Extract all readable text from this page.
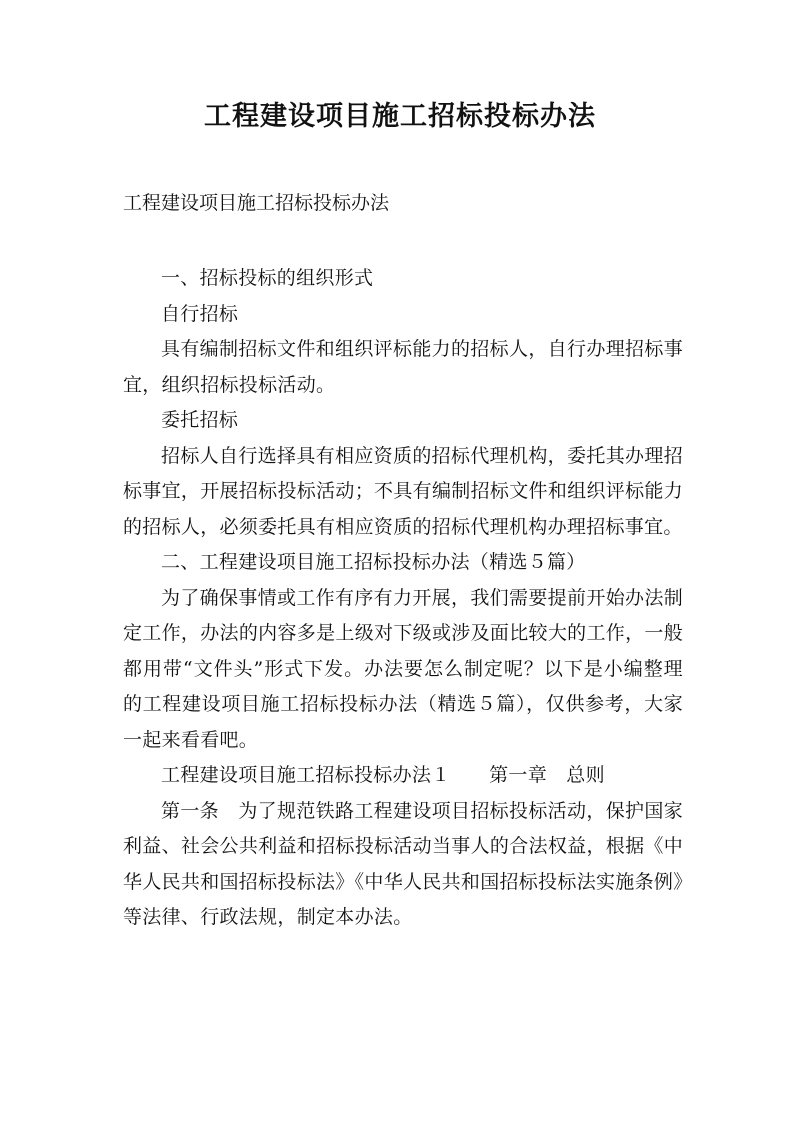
工程建设项目施工招标投标办法

工程建设项目施工招标投标办法

一、招标投标的组织形式

自行招标

具有编制招标文件和组织评标能力的招标人，自行办理招标事宜，组织招标投标活动。

委托招标

招标人自行选择具有相应资质的招标代理机构，委托其办理招标事宜，开展招标投标活动；不具有编制招标文件和组织评标能力的招标人，必须委托具有相应资质的招标代理机构办理招标事宜。

二、工程建设项目施工招标投标办法（精选５篇）

为了确保事情或工作有序有力开展，我们需要提前开始办法制定工作，办法的内容多是上级对下级或涉及面比较大的工作，一般都用带“文件头”形式下发。办法要怎么制定呢？以下是小编整理的工程建设项目施工招标投标办法（精选５篇），仅供参考，大家一起来看看吧。

工程建设项目施工招标投标办法１　　第一章　总则

第一条　为了规范铁路工程建设项目招标投标活动，保护国家利益、社会公共利益和招标投标活动当事人的合法权益，根据《中华人民共和国招标投标法》《中华人民共和国招标投标法实施条例》等法律、行政法规，制定本办法。
